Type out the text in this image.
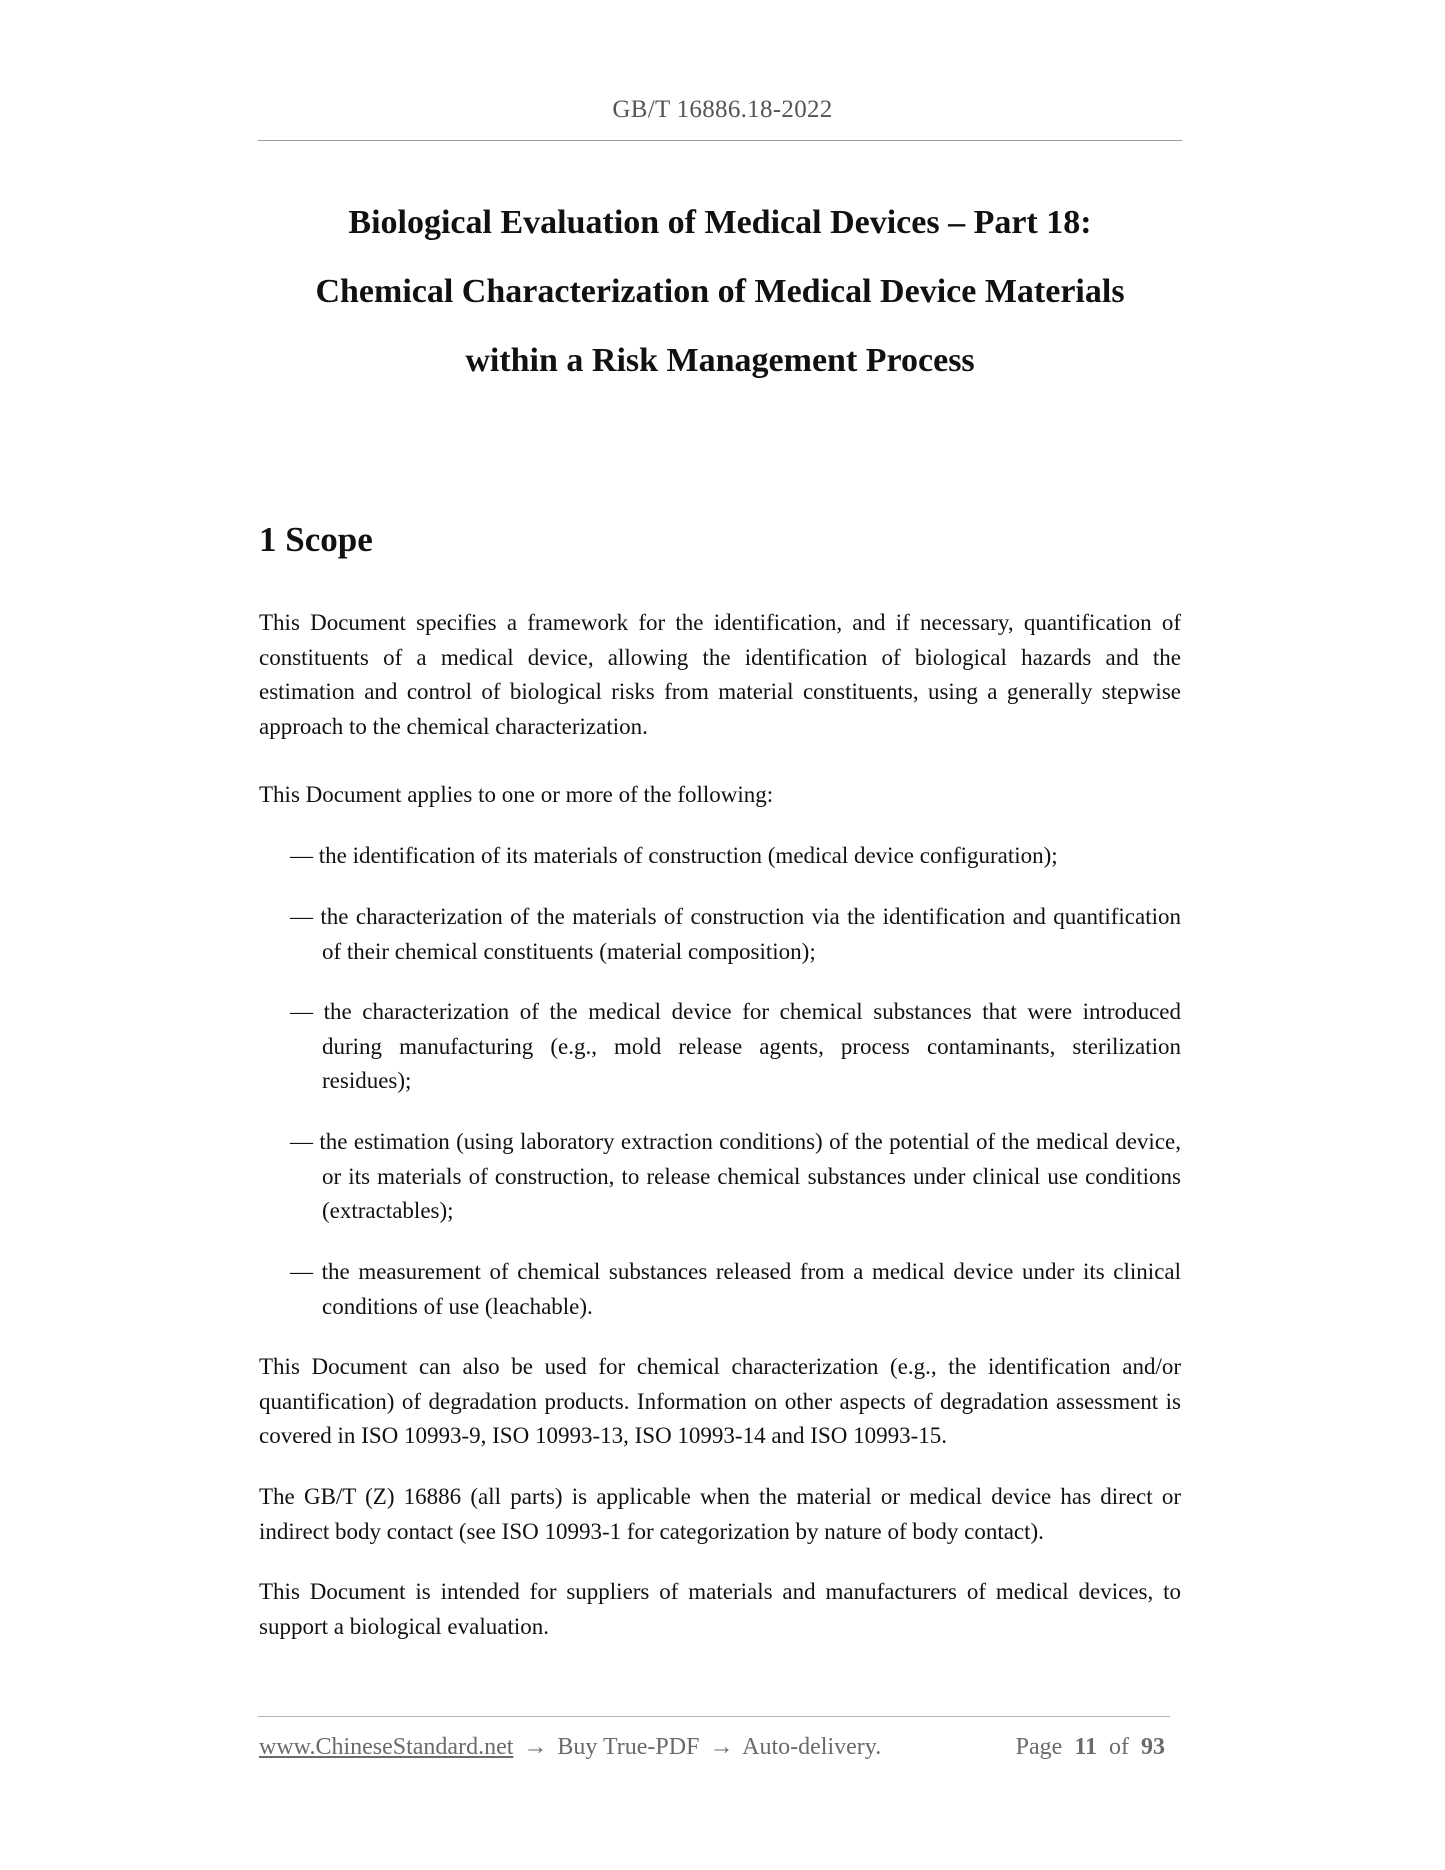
GB/T 16886.18-2022
Biological Evaluation of Medical Devices – Part 18:
Chemical Characterization of Medical Device Materials
within a Risk Management Process
1 Scope
This Document specifies a framework for the identification, and if necessary, quantification of constituents of a medical device, allowing the identification of biological hazards and the estimation and control of biological risks from material constituents, using a generally stepwise approach to the chemical characterization.
This Document applies to one or more of the following:
— the identification of its materials of construction (medical device configuration);
— the characterization of the materials of construction via the identification and quantification of their chemical constituents (material composition);
— the characterization of the medical device for chemical substances that were introduced during manufacturing (e.g., mold release agents, process contaminants, sterilization residues);
— the estimation (using laboratory extraction conditions) of the potential of the medical device, or its materials of construction, to release chemical substances under clinical use conditions (extractables);
— the measurement of chemical substances released from a medical device under its clinical conditions of use (leachable).
This Document can also be used for chemical characterization (e.g., the identification and/or quantification) of degradation products. Information on other aspects of degradation assessment is covered in ISO 10993-9, ISO 10993-13, ISO 10993-14 and ISO 10993-15.
The GB/T (Z) 16886 (all parts) is applicable when the material or medical device has direct or indirect body contact (see ISO 10993-1 for categorization by nature of body contact).
This Document is intended for suppliers of materials and manufacturers of medical devices, to support a biological evaluation.
www.ChineseStandard.net → Buy True-PDF → Auto-delivery.	Page 11 of 93
